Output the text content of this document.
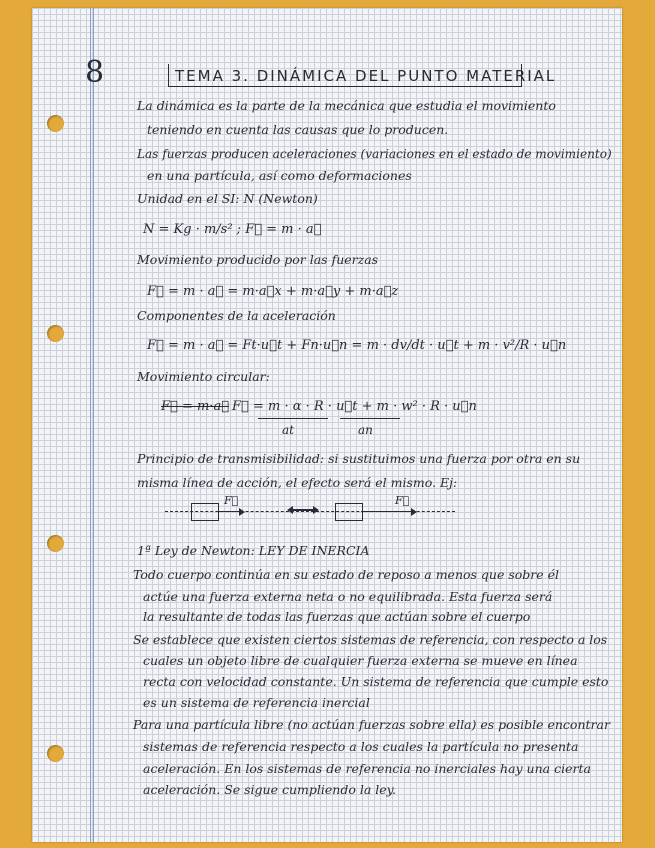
8	TEMA 3. DINÁMICA DEL PUNTO MATERIAL
La dinámica es la parte de la mecánica que estudia el movimiento
teniendo en cuenta las causas que lo producen.
Las fuerzas producen aceleraciones (variaciones en el estado de movimiento)
en una partícula, así como deformaciones
Unidad en el SI: N (Newton)
N = Kg · m/s² ; F⃗ = m · a⃗
Movimiento producido por las fuerzas
F⃗ = m · a⃗ = m·a⃗x + m·a⃗y + m·a⃗z
Componentes de la aceleración
F⃗ = m · a⃗ = Ft·u⃗t + Fn·u⃗n = m · dv/dt · u⃗t + m · v²/R · u⃗n
Movimiento circular:
F⃗ = m·a⃗ F⃗ = m · α · R · u⃗t + m · w² · R · u⃗n
at	an
Principio de transmisibilidad: si sustituimos una fuerza por otra en su
misma línea de acción, el efecto será el mismo. Ej:
F⃗	F⃗
1ª Ley de Newton: LEY DE INERCIA
Todo cuerpo continúa en su estado de reposo a menos que sobre él
actúe una fuerza externa neta o no equilibrada. Esta fuerza será
la resultante de todas las fuerzas que actúan sobre el cuerpo
Se establece que existen ciertos sistemas de referencia, con respecto a los
cuales un objeto libre de cualquier fuerza externa se mueve en línea
recta con velocidad constante. Un sistema de referencia que cumple esto
es un sistema de referencia inercial
Para una partícula libre (no actúan fuerzas sobre ella) es posible encontrar
sistemas de referencia respecto a los cuales la partícula no presenta
aceleración. En los sistemas de referencia no inerciales hay una cierta
aceleración. Se sigue cumpliendo la ley.
